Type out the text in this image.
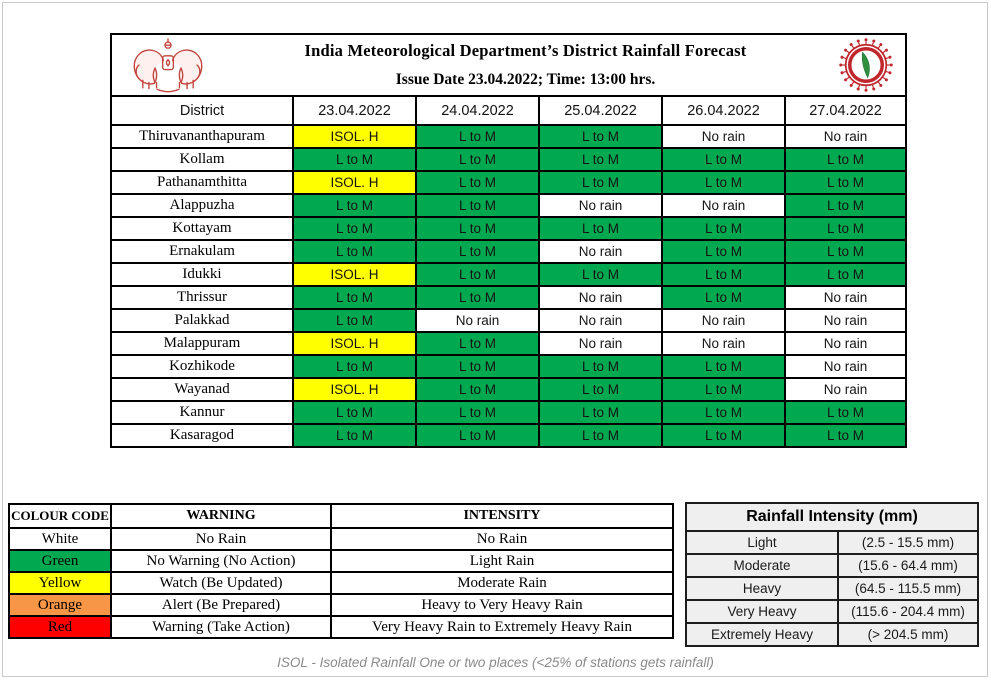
India Meteorological Department’s District Rainfall Forecast
Issue Date 23.04.2022; Time: 13:00 hrs.					

District	23.04.2022	24.04.2022	25.04.2022	26.04.2022	27.04.2022
Thiruvananthapuram	ISOL. H	L to M	L to M	No rain	No rain
Kollam	L to M	L to M	L to M	L to M	L to M
Pathanamthitta	ISOL. H	L to M	L to M	L to M	L to M
Alappuzha	L to M	L to M	No rain	No rain	L to M
Kottayam	L to M	L to M	L to M	L to M	L to M
Ernakulam	L to M	L to M	No rain	L to M	L to M
Idukki	ISOL. H	L to M	L to M	L to M	L to M
Thrissur	L to M	L to M	No rain	L to M	No rain
Palakkad	L to M	No rain	No rain	No rain	No rain
Malappuram	ISOL. H	L to M	No rain	No rain	No rain
Kozhikode	L to M	L to M	L to M	L to M	No rain
Wayanad	ISOL. H	L to M	L to M	L to M	No rain
Kannur	L to M	L to M	L to M	L to M	L to M
Kasaragod	L to M	L to M	L to M	L to M	L to M
COLOUR CODE	WARNING	INTENSITY
White	No Rain	No Rain
Green	No Warning (No Action)	Light Rain
Yellow	Watch (Be Updated)	Moderate Rain
Orange	Alert (Be Prepared)	Heavy to Very Heavy Rain
Red	Warning (Take Action)	Very Heavy Rain to Extremely Heavy Rain
Rainfall Intensity (mm)	
Light	(2.5 - 15.5 mm)
Moderate	(15.6 - 64.4 mm)
Heavy	(64.5 - 115.5 mm)
Very Heavy	(115.6 - 204.4 mm)
Extremely Heavy	(> 204.5 mm)
ISOL - Isolated Rainfall One or two places (<25% of stations gets rainfall)
